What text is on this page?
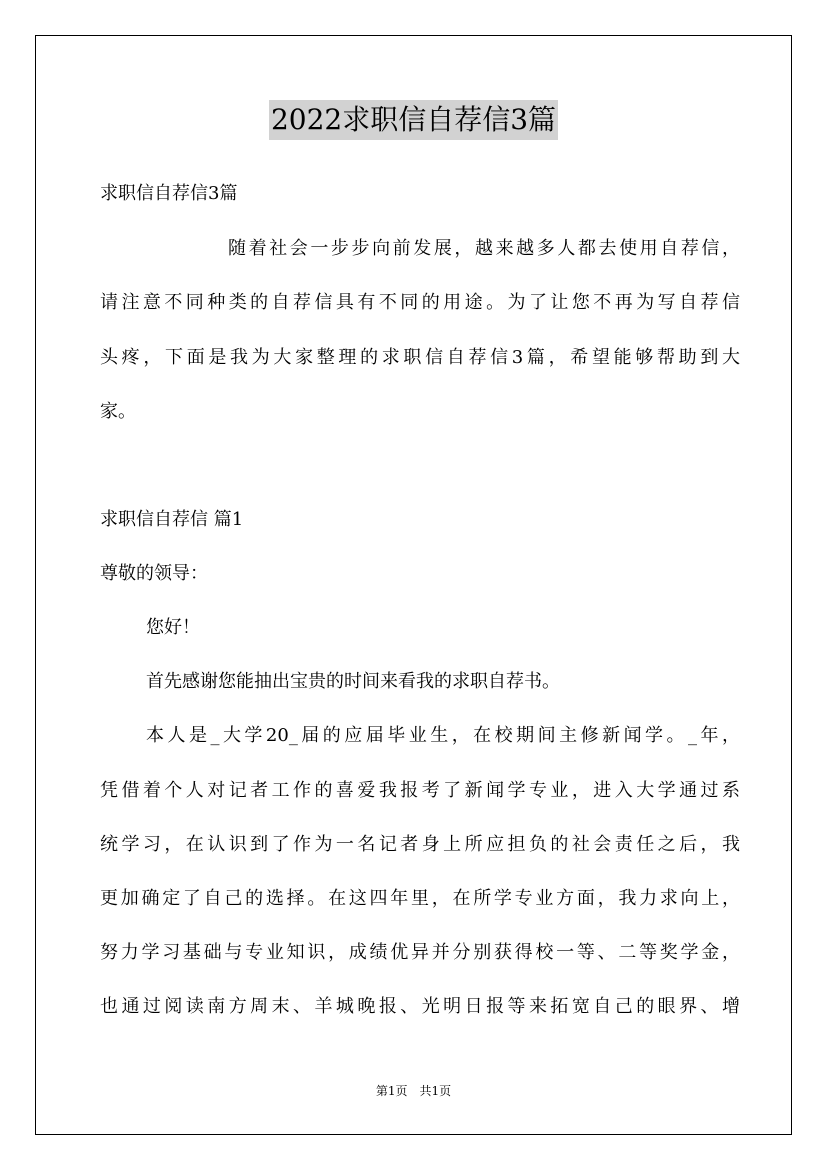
2022求职信自荐信3篇
求职信自荐信3篇
随着社会一步步向前发展，越来越多人都去使用自荐信，
请注意不同种类的自荐信具有不同的用途。为了让您不再为写自荐信
头疼，下面是我为大家整理的求职信自荐信3篇，希望能够帮助到大
家。
求职信自荐信 篇1
尊敬的领导：
您好！
首先感谢您能抽出宝贵的时间来看我的求职自荐书。
本人是_大学20_届的应届毕业生，在校期间主修新闻学。_年，
凭借着个人对记者工作的喜爱我报考了新闻学专业，进入大学通过系
统学习，在认识到了作为一名记者身上所应担负的社会责任之后，我
更加确定了自己的选择。在这四年里，在所学专业方面，我力求向上，
努力学习基础与专业知识，成绩优异并分别获得校一等、二等奖学金，
也通过阅读南方周末、羊城晚报、光明日报等来拓宽自己的眼界、增
第1页　共1页
